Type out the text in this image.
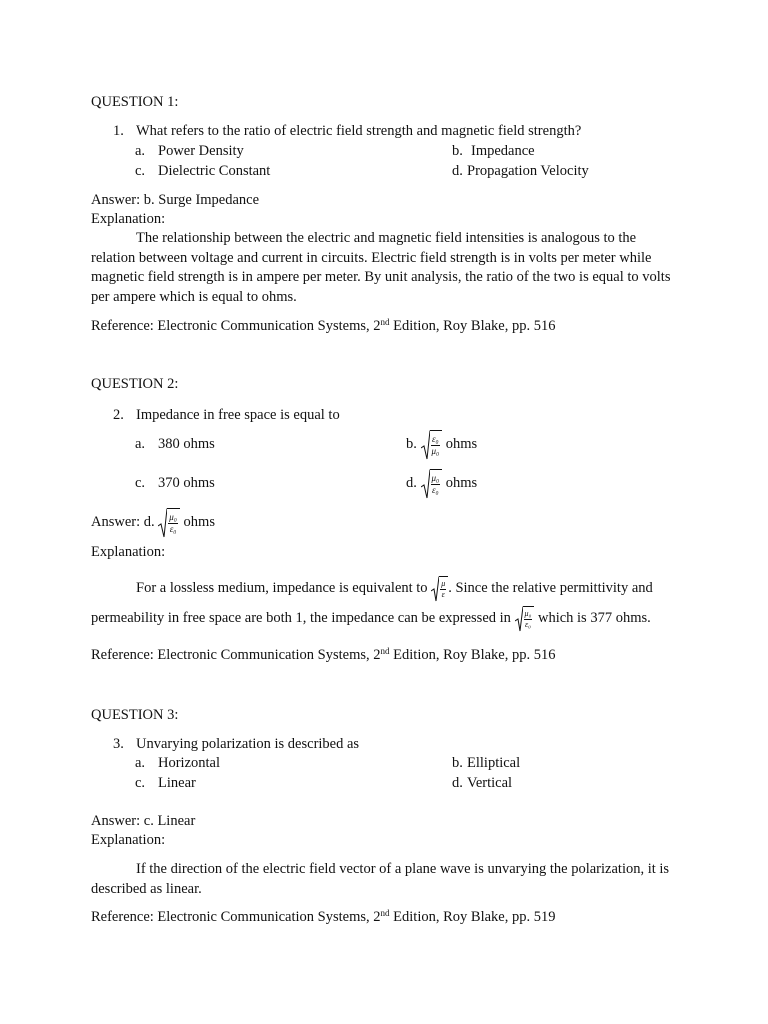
QUESTION 1:
1. What refers to the ratio of electric field strength and magnetic field strength?
a. Power Density	b. Impedance
c. Dielectric Constant	d. Propagation Velocity
Answer: b. Surge Impedance
Explanation:
The relationship between the electric and magnetic field intensities is analogous to the relation between voltage and current in circuits. Electric field strength is in volts per meter while magnetic field strength is in ampere per meter. By unit analysis, the ratio of the two is equal to volts per ampere which is equal to ohms.
Reference: Electronic Communication Systems, 2nd Edition, Roy Blake, pp. 516
QUESTION 2:
2. Impedance in free space is equal to
a. 380 ohms	b. $\frac{\text{ε₀}}{\text{μ₀}}$ ohms
c. 370 ohms	d. $\frac{\text{μ₀}}{\text{ε₀}}$ ohms
Answer: d. $\frac{\text{μ₀}}{\text{ε₀}}$ ohms
Explanation:
For a lossless medium, impedance is equivalent to $\frac{\mu}{\varepsilon}$ . Since the relative permittivity and
permeability in free space are both 1, the impedance can be expressed in $\frac{\text{μ₀}}{\text{ε₀}}$ which is 377 ohms.
Reference: Electronic Communication Systems, 2nd Edition, Roy Blake, pp. 516
QUESTION 3:
3. Unvarying polarization is described as
a. Horizontal	b. Elliptical
c. Linear	d. Vertical
Answer: c. Linear
Explanation:
If the direction of the electric field vector of a plane wave is unvarying the polarization, it is described as linear.
Reference: Electronic Communication Systems, 2nd Edition, Roy Blake, pp. 519
